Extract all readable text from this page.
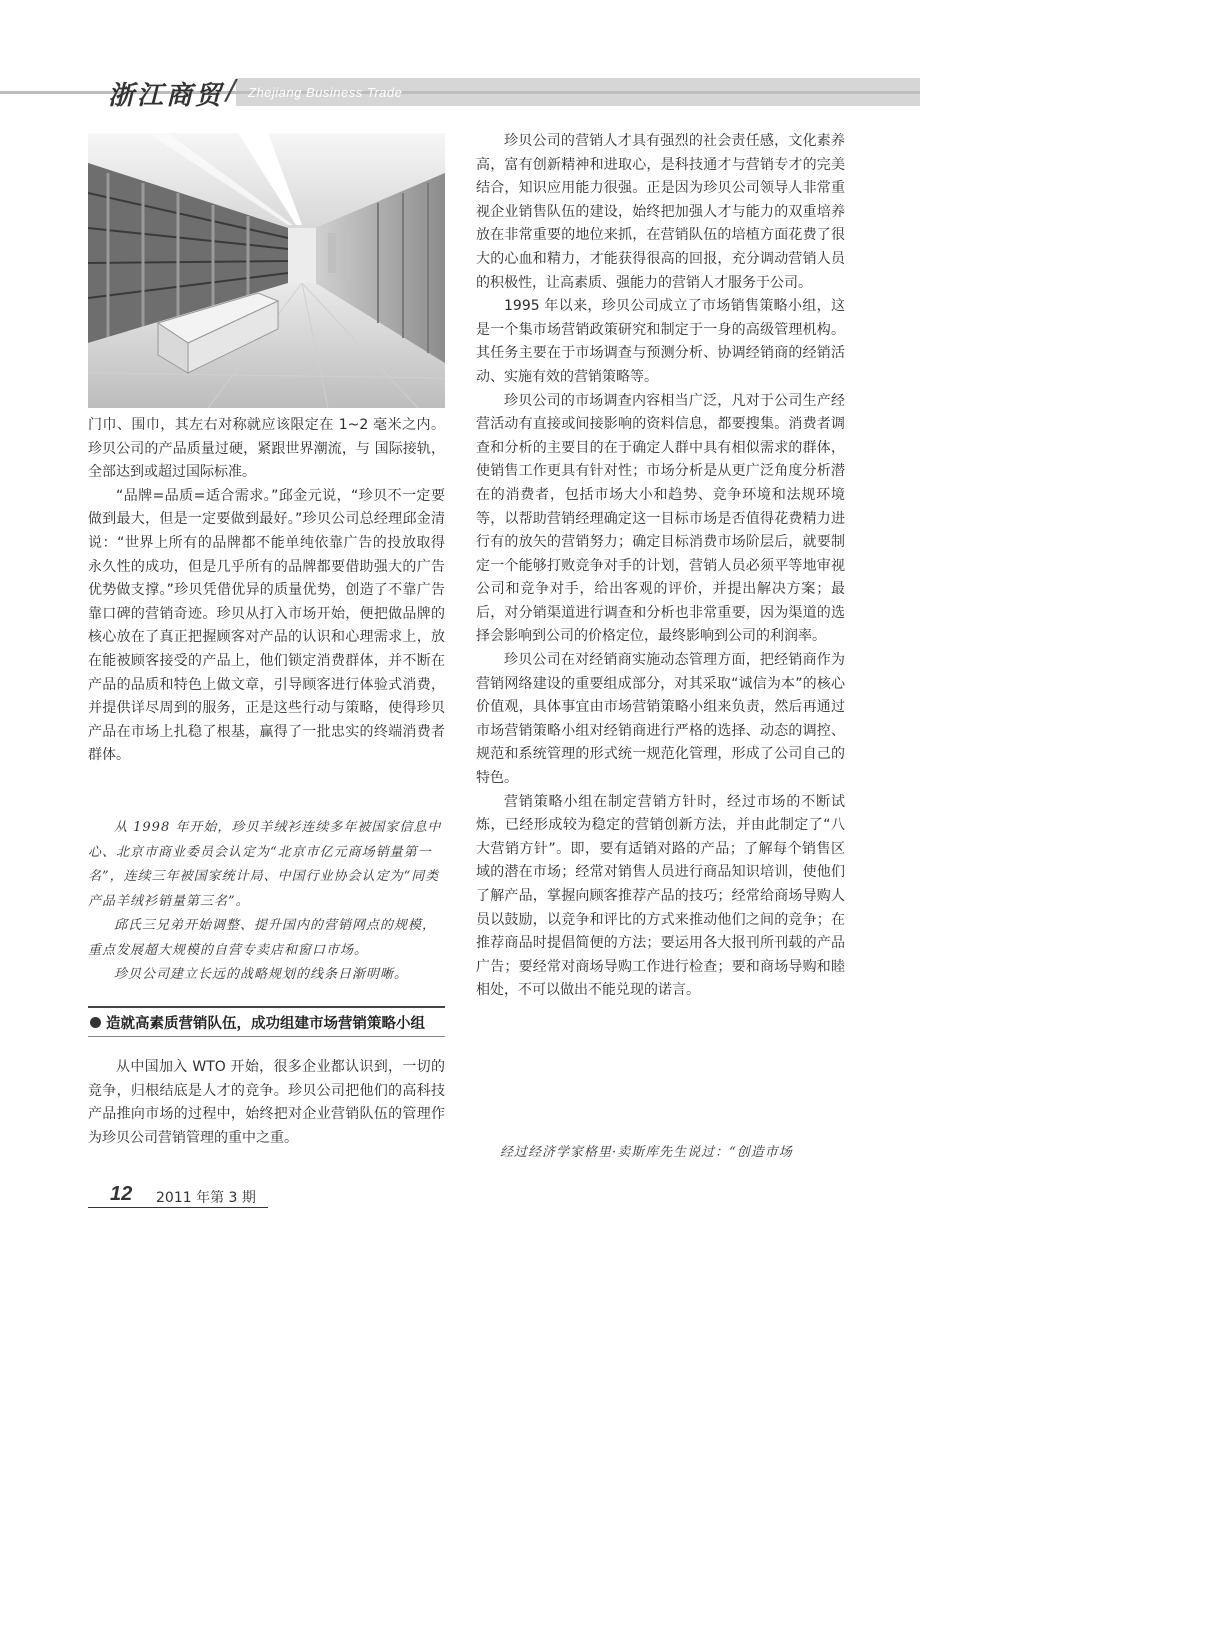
浙江商贸 / Zhejiang Business Trade

门巾、围巾，其左右对称就应该限定在 1~2 毫米之内。珍贝公司的产品质量过硬，紧跟世界潮流，与 国际接轨，全部达到或超过国际标准。

“品牌=品质=适合需求。”邱金元说，“珍贝不一定要做到最大，但是一定要做到最好。”珍贝公司总经理邱金清说：“世界上所有的品牌都不能单纯依靠广告的投放取得永久性的成功，但是几乎所有的品牌都要借助强大的广告优势做支撑。”珍贝凭借优异的质量优势，创造了不靠广告靠口碑的营销奇迹。珍贝从打入市场开始，便把做品牌的核心放在了真正把握顾客对产品的认识和心理需求上，放在能被顾客接受的产品上，他们锁定消费群体，并不断在产品的品质和特色上做文章，引导顾客进行体验式消费，并提供详尽周到的服务，正是这些行动与策略，使得珍贝产品在市场上扎稳了根基，赢得了一批忠实的终端消费者群体。

从 1998 年开始，珍贝羊绒衫连续多年被国家信息中心、北京市商业委员会认定为“北京市亿元商场销量第一名”，连续三年被国家统计局、中国行业协会认定为“同类产品羊绒衫销量第三名”。

邱氏三兄弟开始调整、提升国内的营销网点的规模，重点发展超大规模的自营专卖店和窗口市场。

珍贝公司建立长远的战略规划的线条日渐明晰。

造就高素质营销队伍，成功组建市场营销策略小组

从中国加入 WTO 开始，很多企业都认识到，一切的竞争，归根结底是人才的竞争。珍贝公司把他们的高科技产品推向市场的过程中，始终把对企业营销队伍的管理作为珍贝公司营销管理的重中之重。

珍贝公司的营销人才具有强烈的社会责任感，文化素养高，富有创新精神和进取心，是科技通才与营销专才的完美结合，知识应用能力很强。正是因为珍贝公司领导人非常重视企业销售队伍的建设，始终把加强人才与能力的双重培养放在非常重要的地位来抓，在营销队伍的培植方面花费了很大的心血和精力，才能获得很高的回报，充分调动营销人员的积极性，让高素质、强能力的营销人才服务于公司。

1995 年以来，珍贝公司成立了市场销售策略小组，这是一个集市场营销政策研究和制定于一身的高级管理机构。其任务主要在于市场调查与预测分析、协调经销商的经销活动、实施有效的营销策略等。

珍贝公司的市场调查内容相当广泛，凡对于公司生产经营活动有直接或间接影响的资料信息，都要搜集。消费者调查和分析的主要目的在于确定人群中具有相似需求的群体，使销售工作更具有针对性；市场分析是从更广泛角度分析潜在的消费者，包括市场大小和趋势、竞争环境和法规环境等，以帮助营销经理确定这一目标市场是否值得花费精力进行有的放矢的营销努力；确定目标消费市场阶层后，就要制定一个能够打败竞争对手的计划，营销人员必须平等地审视公司和竞争对手，给出客观的评价，并提出解决方案；最后，对分销渠道进行调查和分析也非常重要，因为渠道的选择会影响到公司的价格定位，最终影响到公司的利润率。

珍贝公司在对经销商实施动态管理方面，把经销商作为营销网络建设的重要组成部分，对其采取“诚信为本”的核心价值观，具体事宜由市场营销策略小组来负责，然后再通过市场营销策略小组对经销商进行严格的选择、动态的调控、规范和系统管理的形式统一规范化管理，形成了公司自己的特色。

营销策略小组在制定营销方针时，经过市场的不断试炼，已经形成较为稳定的营销创新方法，并由此制定了“八大营销方针”。即，要有适销对路的产品；了解每个销售区域的潜在市场；经常对销售人员进行商品知识培训，使他们了解产品，掌握向顾客推荐产品的技巧；经常给商场导购人员以鼓励，以竞争和评比的方式来推动他们之间的竞争；在推荐商品时提倡简便的方法；要运用各大报刊所刊载的产品广告；要经常对商场导购工作进行检查；要和商场导购和睦相处，不可以做出不能兑现的诺言。

经过经济学家格里·卖斯库先生说过：“创造市场
12 2011 年第 3 期
